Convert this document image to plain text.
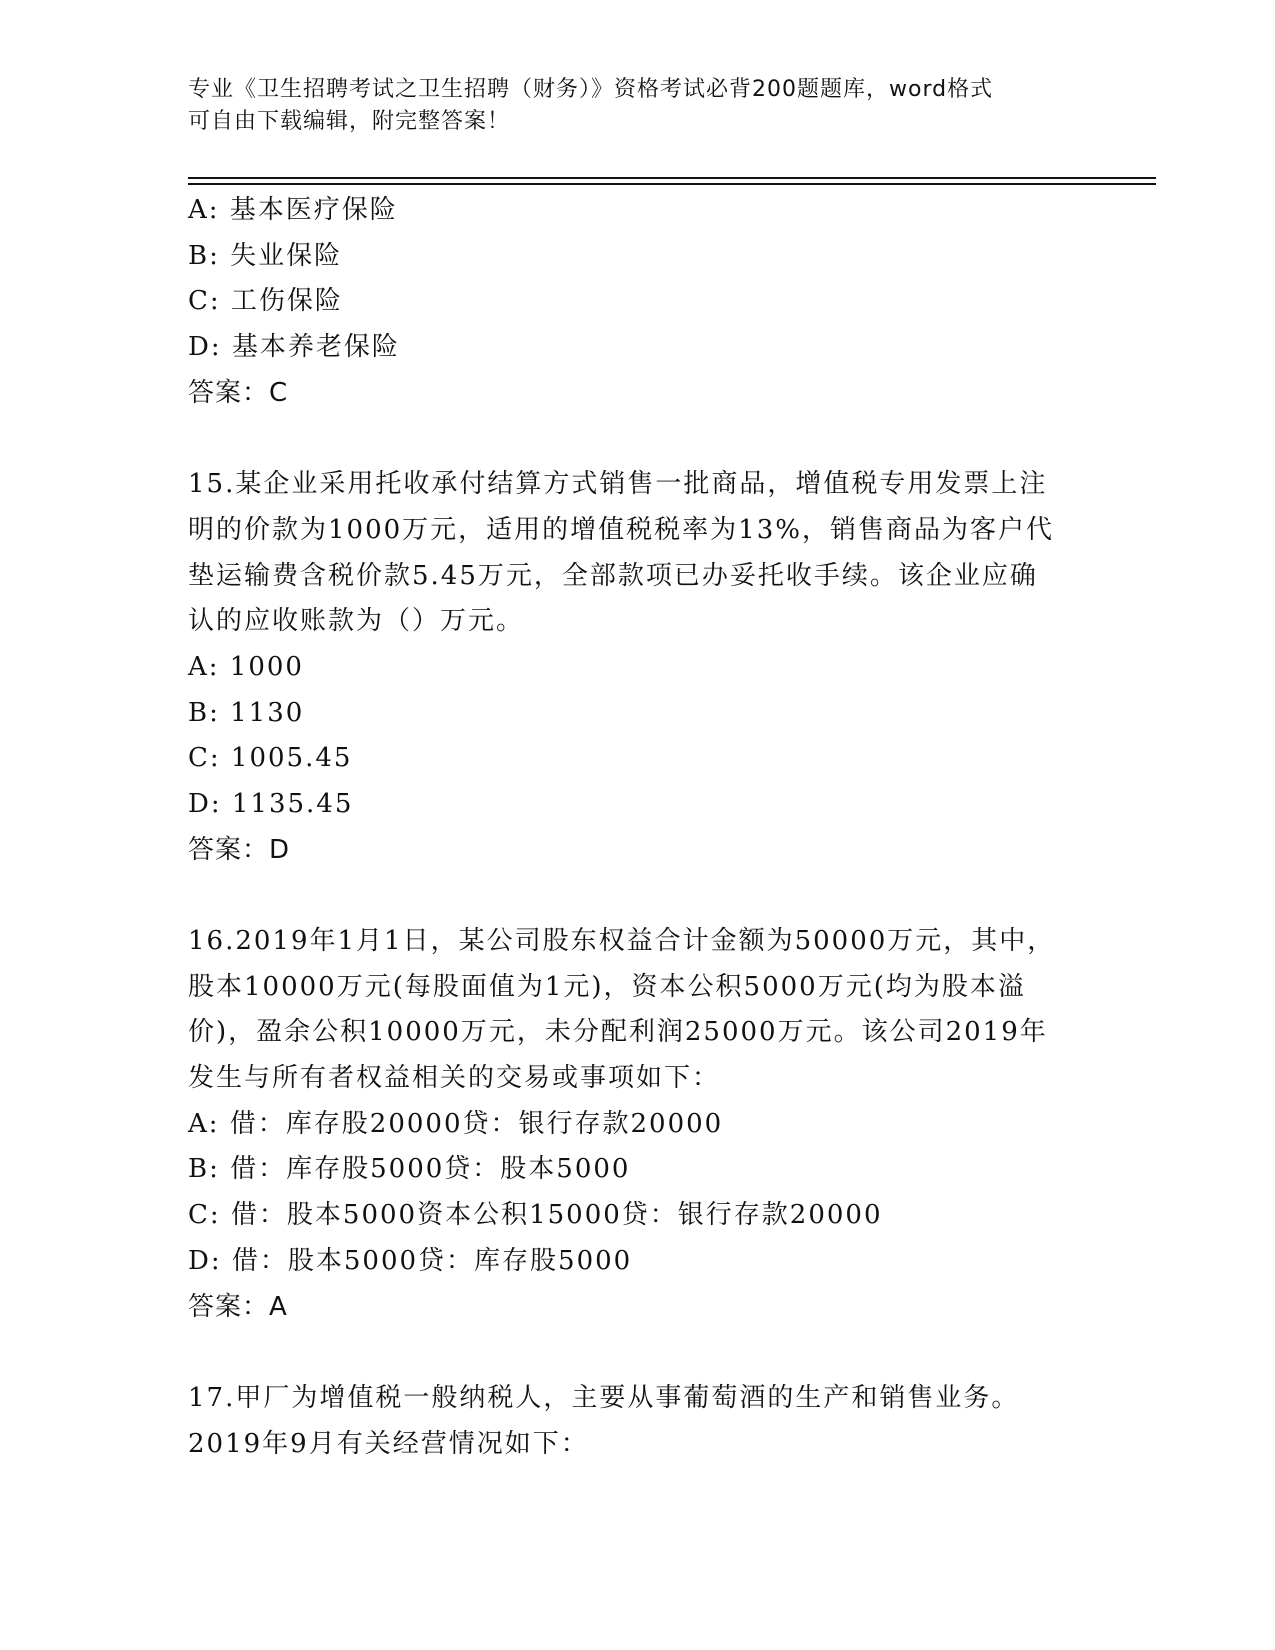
专业《卫生招聘考试之卫生招聘（财务）》资格考试必背200题题库，word格式
可自由下载编辑，附完整答案！
A: 基本医疗保险
B: 失业保险
C: 工伤保险
D: 基本养老保险
答案：C
15.某企业采用托收承付结算方式销售一批商品，增值税专用发票上注
明的价款为1000万元，适用的增值税税率为13%，销售商品为客户代
垫运输费含税价款5.45万元，全部款项已办妥托收手续。该企业应确
认的应收账款为（）万元。
A: 1000
B: 1130
C: 1005.45
D: 1135.45
答案：D
16.2019年1月1日，某公司股东权益合计金额为50000万元，其中，
股本10000万元(每股面值为1元)，资本公积5000万元(均为股本溢
价)，盈余公积10000万元，未分配利润25000万元。该公司2019年
发生与所有者权益相关的交易或事项如下：
A: 借：库存股20000贷：银行存款20000
B: 借：库存股5000贷：股本5000
C: 借：股本5000资本公积15000贷：银行存款20000
D: 借：股本5000贷：库存股5000
答案：A
17.甲厂为增值税一般纳税人，主要从事葡萄酒的生产和销售业务。
2019年9月有关经营情况如下：
